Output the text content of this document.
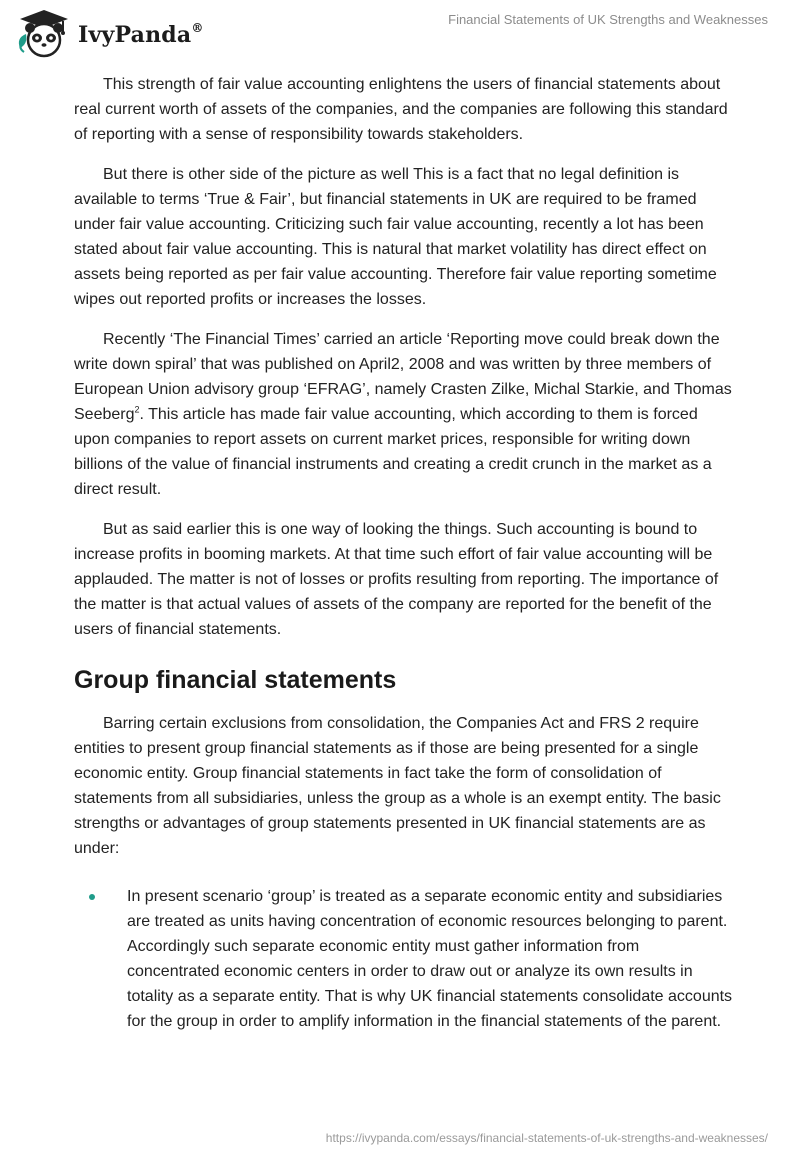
IvyPanda®
Financial Statements of UK Strengths and Weaknesses

This strength of fair value accounting enlightens the users of financial statements about real current worth of assets of the companies, and the companies are following this standard of reporting with a sense of responsibility towards stakeholders.

But there is other side of the picture as well This is a fact that no legal definition is available to terms ‘True & Fair’, but financial statements in UK are required to be framed under fair value accounting. Criticizing such fair value accounting, recently a lot has been stated about fair value accounting. This is natural that market volatility has direct effect on assets being reported as per fair value accounting. Therefore fair value reporting sometime wipes out reported profits or increases the losses.

Recently ‘The Financial Times’ carried an article ‘Reporting move could break down the write down spiral’ that was published on April2, 2008 and was written by three members of European Union advisory group ‘EFRAG’, namely Crasten Zilke, Michal Starkie, and Thomas Seeberg$^2$. This article has made fair value accounting, which according to them is forced upon companies to report assets on current market prices, responsible for writing down billions of the value of financial instruments and creating a credit crunch in the market as a direct result.

But as said earlier this is one way of looking the things. Such accounting is bound to increase profits in booming markets. At that time such effort of fair value accounting will be applauded. The matter is not of losses or profits resulting from reporting. The importance of the matter is that actual values of assets of the company are reported for the benefit of the users of financial statements.

Group financial statements

Barring certain exclusions from consolidation, the Companies Act and FRS 2 require entities to present group financial statements as if those are being presented for a single economic entity. Group financial statements in fact take the form of consolidation of statements from all subsidiaries, unless the group as a whole is an exempt entity. The basic strengths or advantages of group statements presented in UK financial statements are as under:

In present scenario ‘group’ is treated as a separate economic entity and subsidiaries are treated as units having concentration of economic resources belonging to parent. Accordingly such separate economic entity must gather information from concentrated economic centers in order to draw out or analyze its own results in totality as a separate entity. That is why UK financial statements consolidate accounts for the group in order to amplify information in the financial statements of the parent.
https://ivypanda.com/essays/financial-statements-of-uk-strengths-and-weaknesses/
